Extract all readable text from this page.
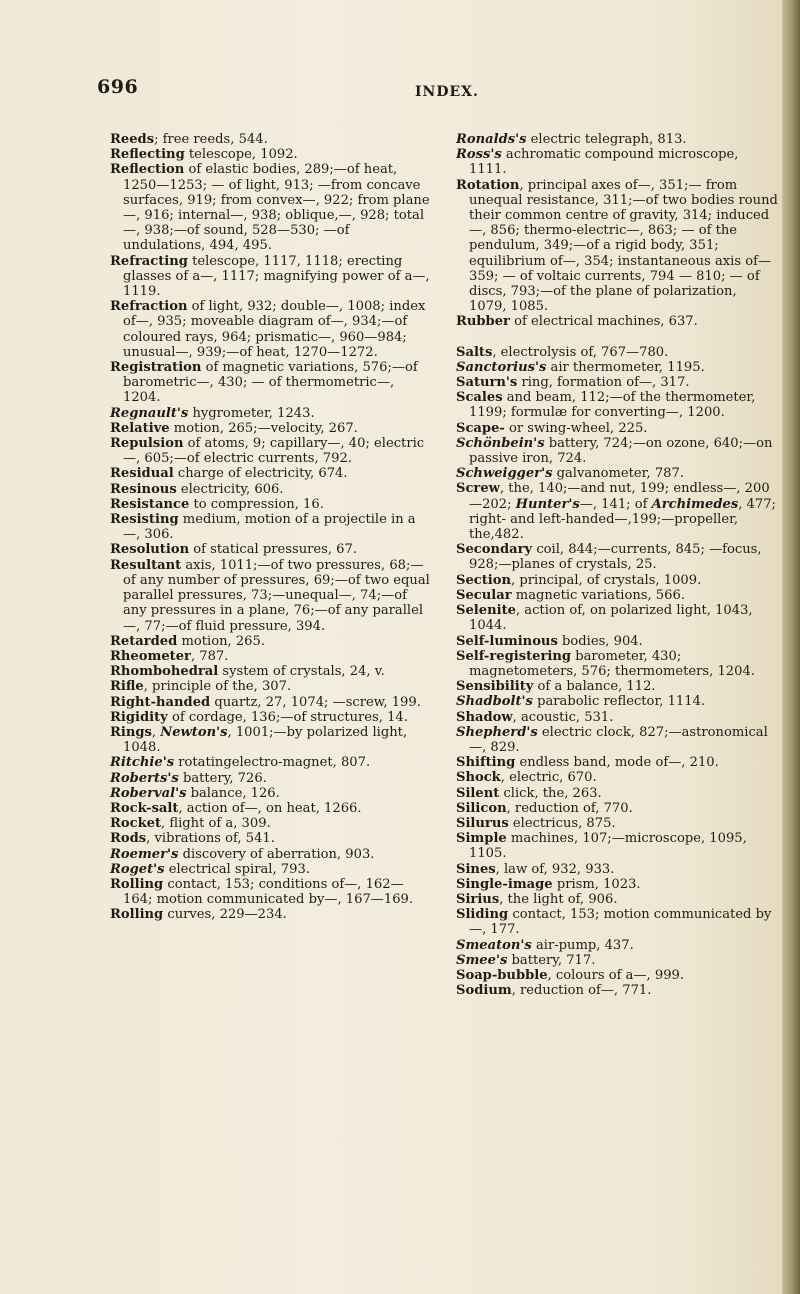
696	INDEX.
Reeds; free reeds, 544.
Reflecting telescope, 1092.
Reflection of elastic bodies, 289;—of heat, 1250—1253; — of light, 913; —from concave surfaces, 919; from convex—, 922; from plane—, 916; internal—, 938; oblique,—, 928; total—, 938;—of sound, 528—530; —of undulations, 494, 495.
Refracting telescope, 1117, 1118; erecting glasses of a—, 1117; magnifying power of a—, 1119.
Refraction of light, 932; double—, 1008; index of—, 935; moveable diagram of—, 934;—of coloured rays, 964; prismatic—, 960—984; unusual—, 939;—of heat, 1270—1272.
Registration of magnetic variations, 576;—of barometric—, 430; — of thermometric—, 1204.
Regnault's hygrometer, 1243.
Relative motion, 265;—velocity, 267.
Repulsion of atoms, 9; capillary—, 40; electric—, 605;—of electric currents, 792.
Residual charge of electricity, 674.
Resinous electricity, 606.
Resistance to compression, 16.
Resisting medium, motion of a projectile in a—, 306.
Resolution of statical pressures, 67.
Resultant axis, 1011;—of two pressures, 68;—of any number of pressures, 69;—of two equal parallel pressures, 73;—unequal—, 74;—of any pressures in a plane, 76;—of any parallel—, 77;—of fluid pressure, 394.
Retarded motion, 265.
Rheometer, 787.
Rhombohedral system of crystals, 24, v.
Rifle, principle of the, 307.
Right-handed quartz, 27, 1074; —screw, 199.
Rigidity of cordage, 136;—of structures, 14.
Rings, Newton's, 1001;—by polarized light, 1048.
Ritchie's rotatingelectro-magnet, 807.
Roberts's battery, 726.
Roberval's balance, 126.
Rock-salt, action of—, on heat, 1266.
Rocket, flight of a, 309.
Rods, vibrations of, 541.
Roemer's discovery of aberration, 903.
Roget's electrical spiral, 793.
Rolling contact, 153; conditions of—, 162—164; motion communicated by—, 167—169.
Rolling curves, 229—234.
Ronalds's electric telegraph, 813.
Ross's achromatic compound microscope, 1111.
Rotation, principal axes of—, 351;— from unequal resistance, 311;—of two bodies round their common centre of gravity, 314; induced—, 856; thermo-electric—, 863; — of the pendulum, 349;—of a rigid body, 351; equilibrium of—, 354; instantaneous axis of—359; — of voltaic currents, 794 — 810; — of discs, 793;—of the plane of polarization, 1079, 1085.
Rubber of electrical machines, 637.
Salts, electrolysis of, 767—780.
Sanctorius's air thermometer, 1195.
Saturn's ring, formation of—, 317.
Scales and beam, 112;—of the thermometer, 1199; formulæ for converting—, 1200.
Scape- or swing-wheel, 225.
Schönbein's battery, 724;—on ozone, 640;—on passive iron, 724.
Schweigger's galvanometer, 787.
Screw, the, 140;—and nut, 199; endless—, 200—202; Hunter's—, 141; of Archimedes, 477; right- and left-handed—,199;—propeller, the,482.
Secondary coil, 844;—currents, 845; —focus, 928;—planes of crystals, 25.
Section, principal, of crystals, 1009.
Secular magnetic variations, 566.
Selenite, action of, on polarized light, 1043, 1044.
Self-luminous bodies, 904.
Self-registering barometer, 430; magnetometers, 576; thermometers, 1204.
Sensibility of a balance, 112.
Shadbolt's parabolic reflector, 1114.
Shadow, acoustic, 531.
Shepherd's electric clock, 827;—astronomical—, 829.
Shifting endless band, mode of—, 210.
Shock, electric, 670.
Silent click, the, 263.
Silicon, reduction of, 770.
Silurus electricus, 875.
Simple machines, 107;—microscope, 1095, 1105.
Sines, law of, 932, 933.
Single-image prism, 1023.
Sirius, the light of, 906.
Sliding contact, 153; motion communicated by—, 177.
Smeaton's air-pump, 437.
Smee's battery, 717.
Soap-bubble, colours of a—, 999.
Sodium, reduction of—, 771.
